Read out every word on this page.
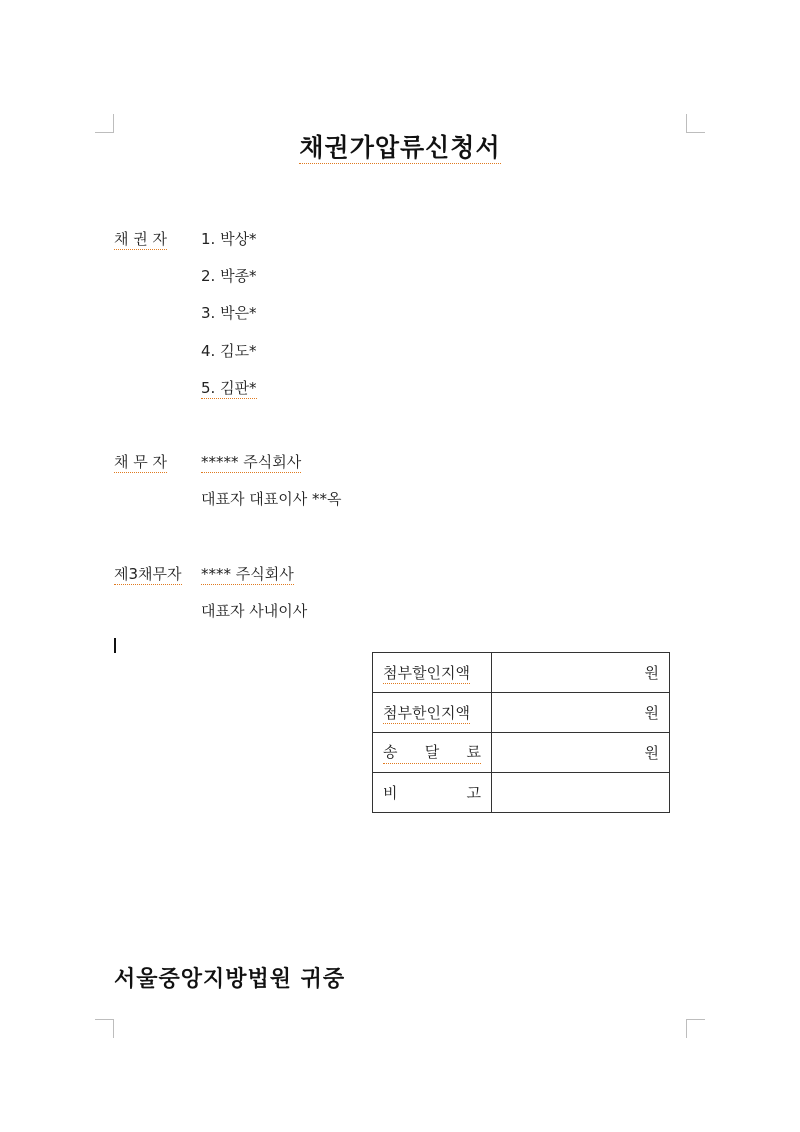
채권가압류신청서
채 권 자	1. 박상*
2. 박종*
3. 박은*
4. 김도*
5. 김판*
채 무 자 ***** 주식회사
대표자 대표이사 **옥
제3채무자 **** 주식회사
대표자 사내이사
첨부할인지액	원
첨부한인지액	원

송 달 료	원

비 고	

서울중앙지방법원 귀중
